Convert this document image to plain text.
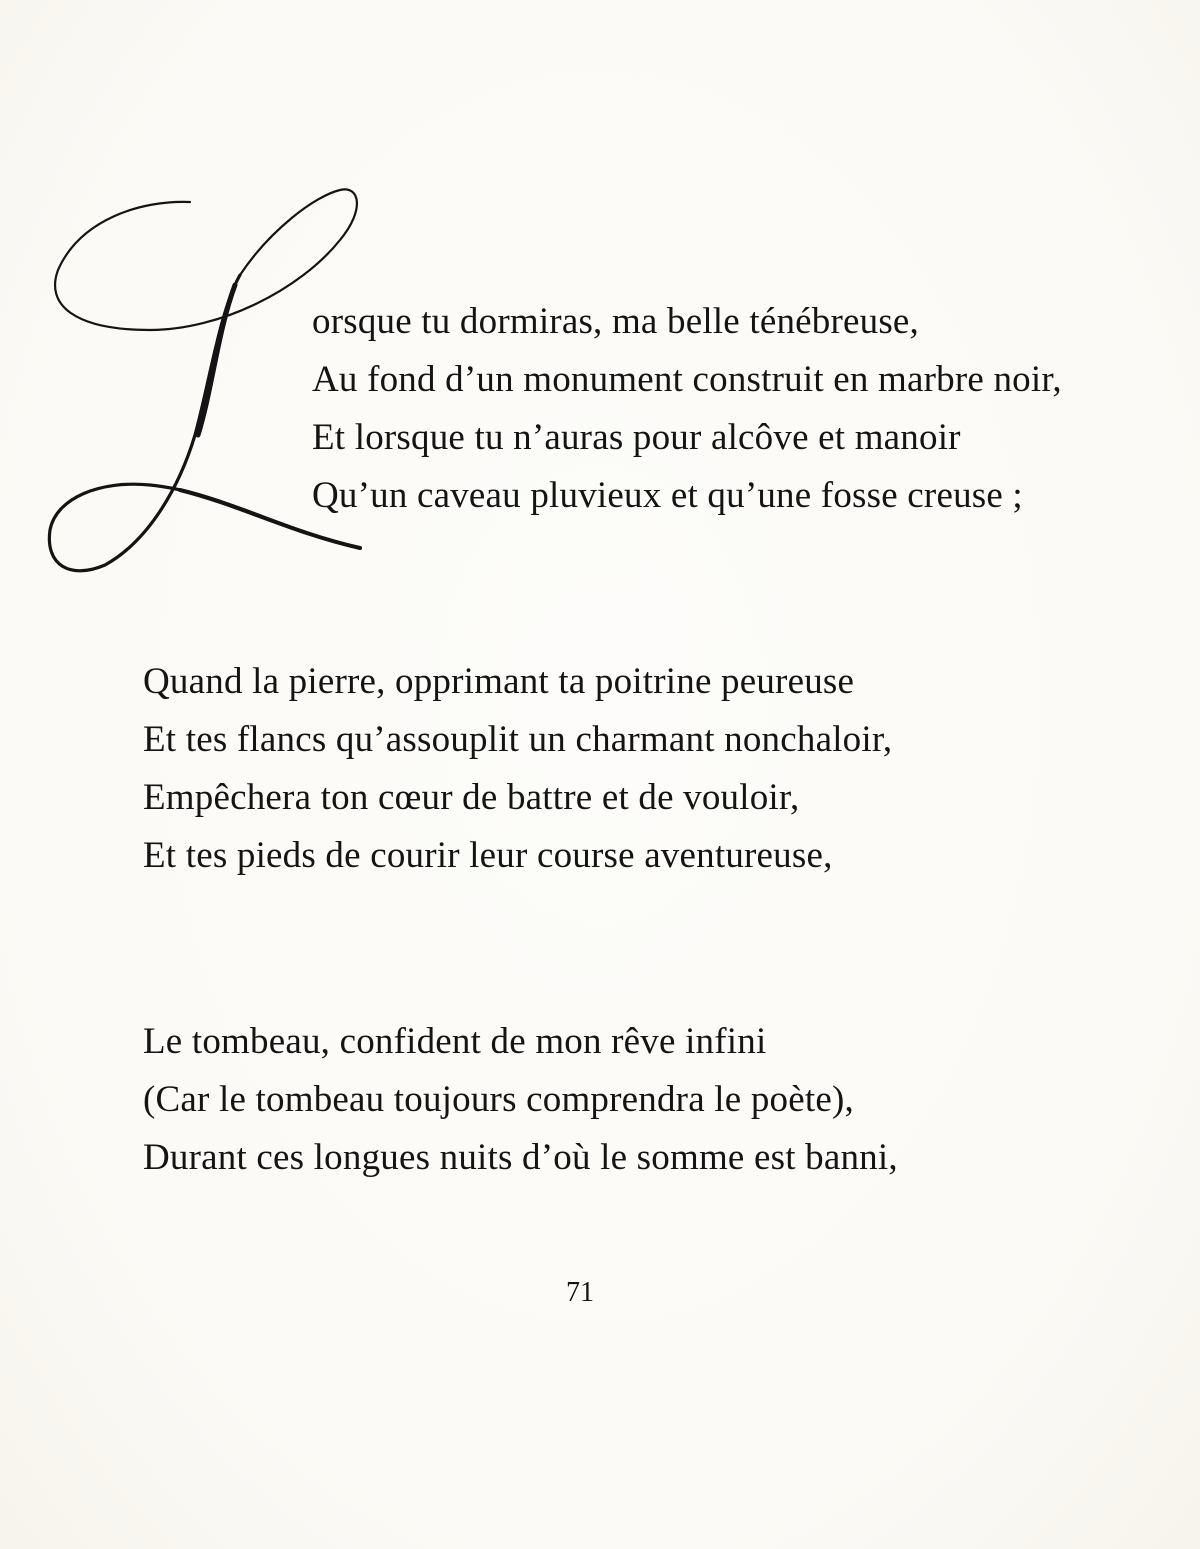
orsque tu dormiras, ma belle ténébreuse,
Au fond d’un monument construit en marbre noir,
Et lorsque tu n’auras pour alcôve et manoir
Qu’un caveau pluvieux et qu’une fosse creuse ;
Quand la pierre, opprimant ta poitrine peureuse
Et tes flancs qu’assouplit un charmant nonchaloir,
Empêchera ton cœur de battre et de vouloir,
Et tes pieds de courir leur course aventureuse,
Le tombeau, confident de mon rêve infini
(Car le tombeau toujours comprendra le poète),
Durant ces longues nuits d’où le somme est banni,
71
